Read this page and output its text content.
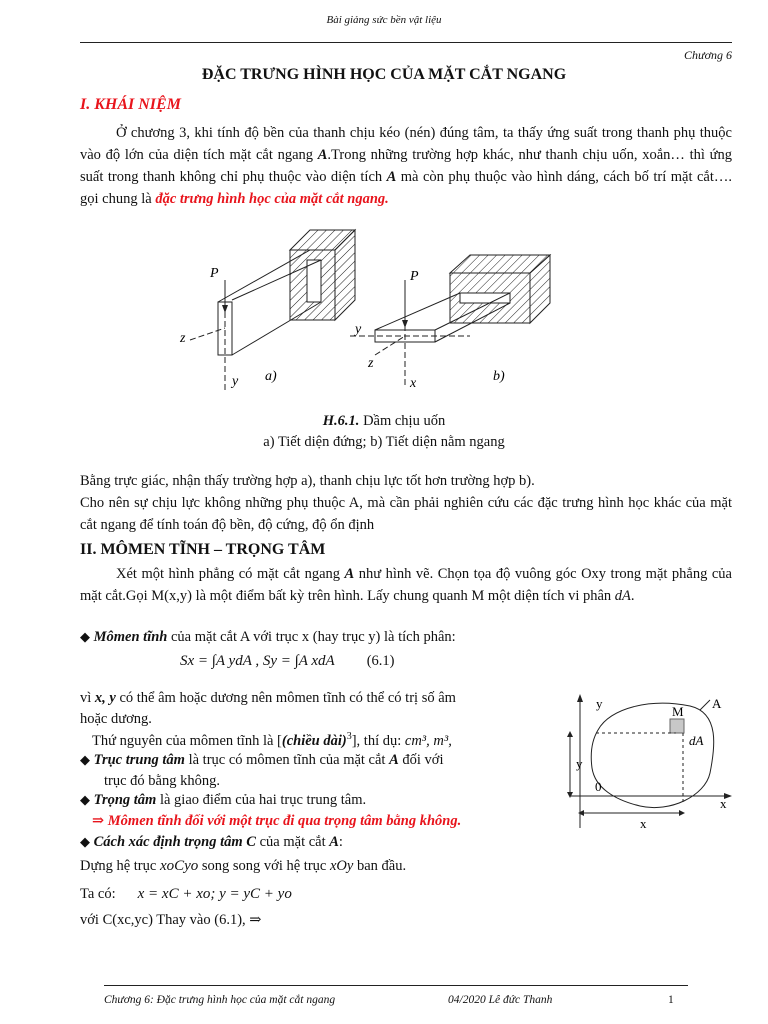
Bài giảng sức bền vật liệu
Chương 6
ĐẶC TRƯNG HÌNH HỌC CỦA MẶT CẮT NGANG
I. KHÁI NIỆM
Ở chương 3, khi tính độ bền của thanh chịu kéo (nén) đúng tâm, ta thấy ứng suất trong thanh phụ thuộc vào độ lớn của diện tích mặt cắt ngang A.Trong những trường hợp khác, như thanh chịu uốn, xoắn… thì ứng suất trong thanh không chỉ phụ thuộc vào diện tích A mà còn phụ thuộc vào hình dáng, cách bố trí mặt cắt…. gọi chung là đặc trưng hình học của mặt cắt ngang.
P
z
y a)
P
y
z
x	b)
H.6.1. Dầm chịu uốn
a) Tiết diện đứng; b) Tiết diện nằm ngang
Bằng trực giác, nhận thấy trường hợp a), thanh chịu lực tốt hơn trường hợp b).
Cho nên sự chịu lực không những phụ thuộc A, mà cần phải nghiên cứu các đặc trưng hình học khác của mặt cắt ngang để tính toán độ bền, độ cứng, độ ổn định
II. MÔMEN TĨNH – TRỌNG TÂM
Xét một hình phẳng có mặt cắt ngang A như hình vẽ. Chọn tọa độ vuông góc Oxy trong mặt phẳng của mặt cắt.Gọi M(x,y) là một điểm bất kỳ trên hình. Lấy chung quanh M một diện tích vi phân dA.
◆ Mômen tĩnh của mặt cắt A với trục x (hay trục y) là tích phân:
Sx = ∫A ydA , Sy = ∫A xdA (6.1)
vì x, y có thể âm hoặc dương nên mômen tĩnh có thể có trị số âm
hoặc dương.
Thứ nguyên của mômen tĩnh là [(chiều dài)$^3$], thí dụ: cm³, m³,
◆ Trục trung tâm là trục có mômen tĩnh của mặt cắt A đối với
trục đó bằng không.
◆ Trọng tâm là giao điểm của hai trục trung tâm.
⇒ Mômen tĩnh đối với một trục đi qua trọng tâm bằng không.
◆ Cách xác định trọng tâm C của mặt cắt A:
Dựng hệ trục xoCyo song song với hệ trục xOy ban đầu.
Ta có: x = xC + xo; y = yC + yo
với C(xc,yc) Thay vào (6.1), ⇒
y	A
M
dA
y
0
x
x
Chương 6: Đặc trưng hình học của mặt cắt ngang	04/2020 Lê đức Thanh	1
